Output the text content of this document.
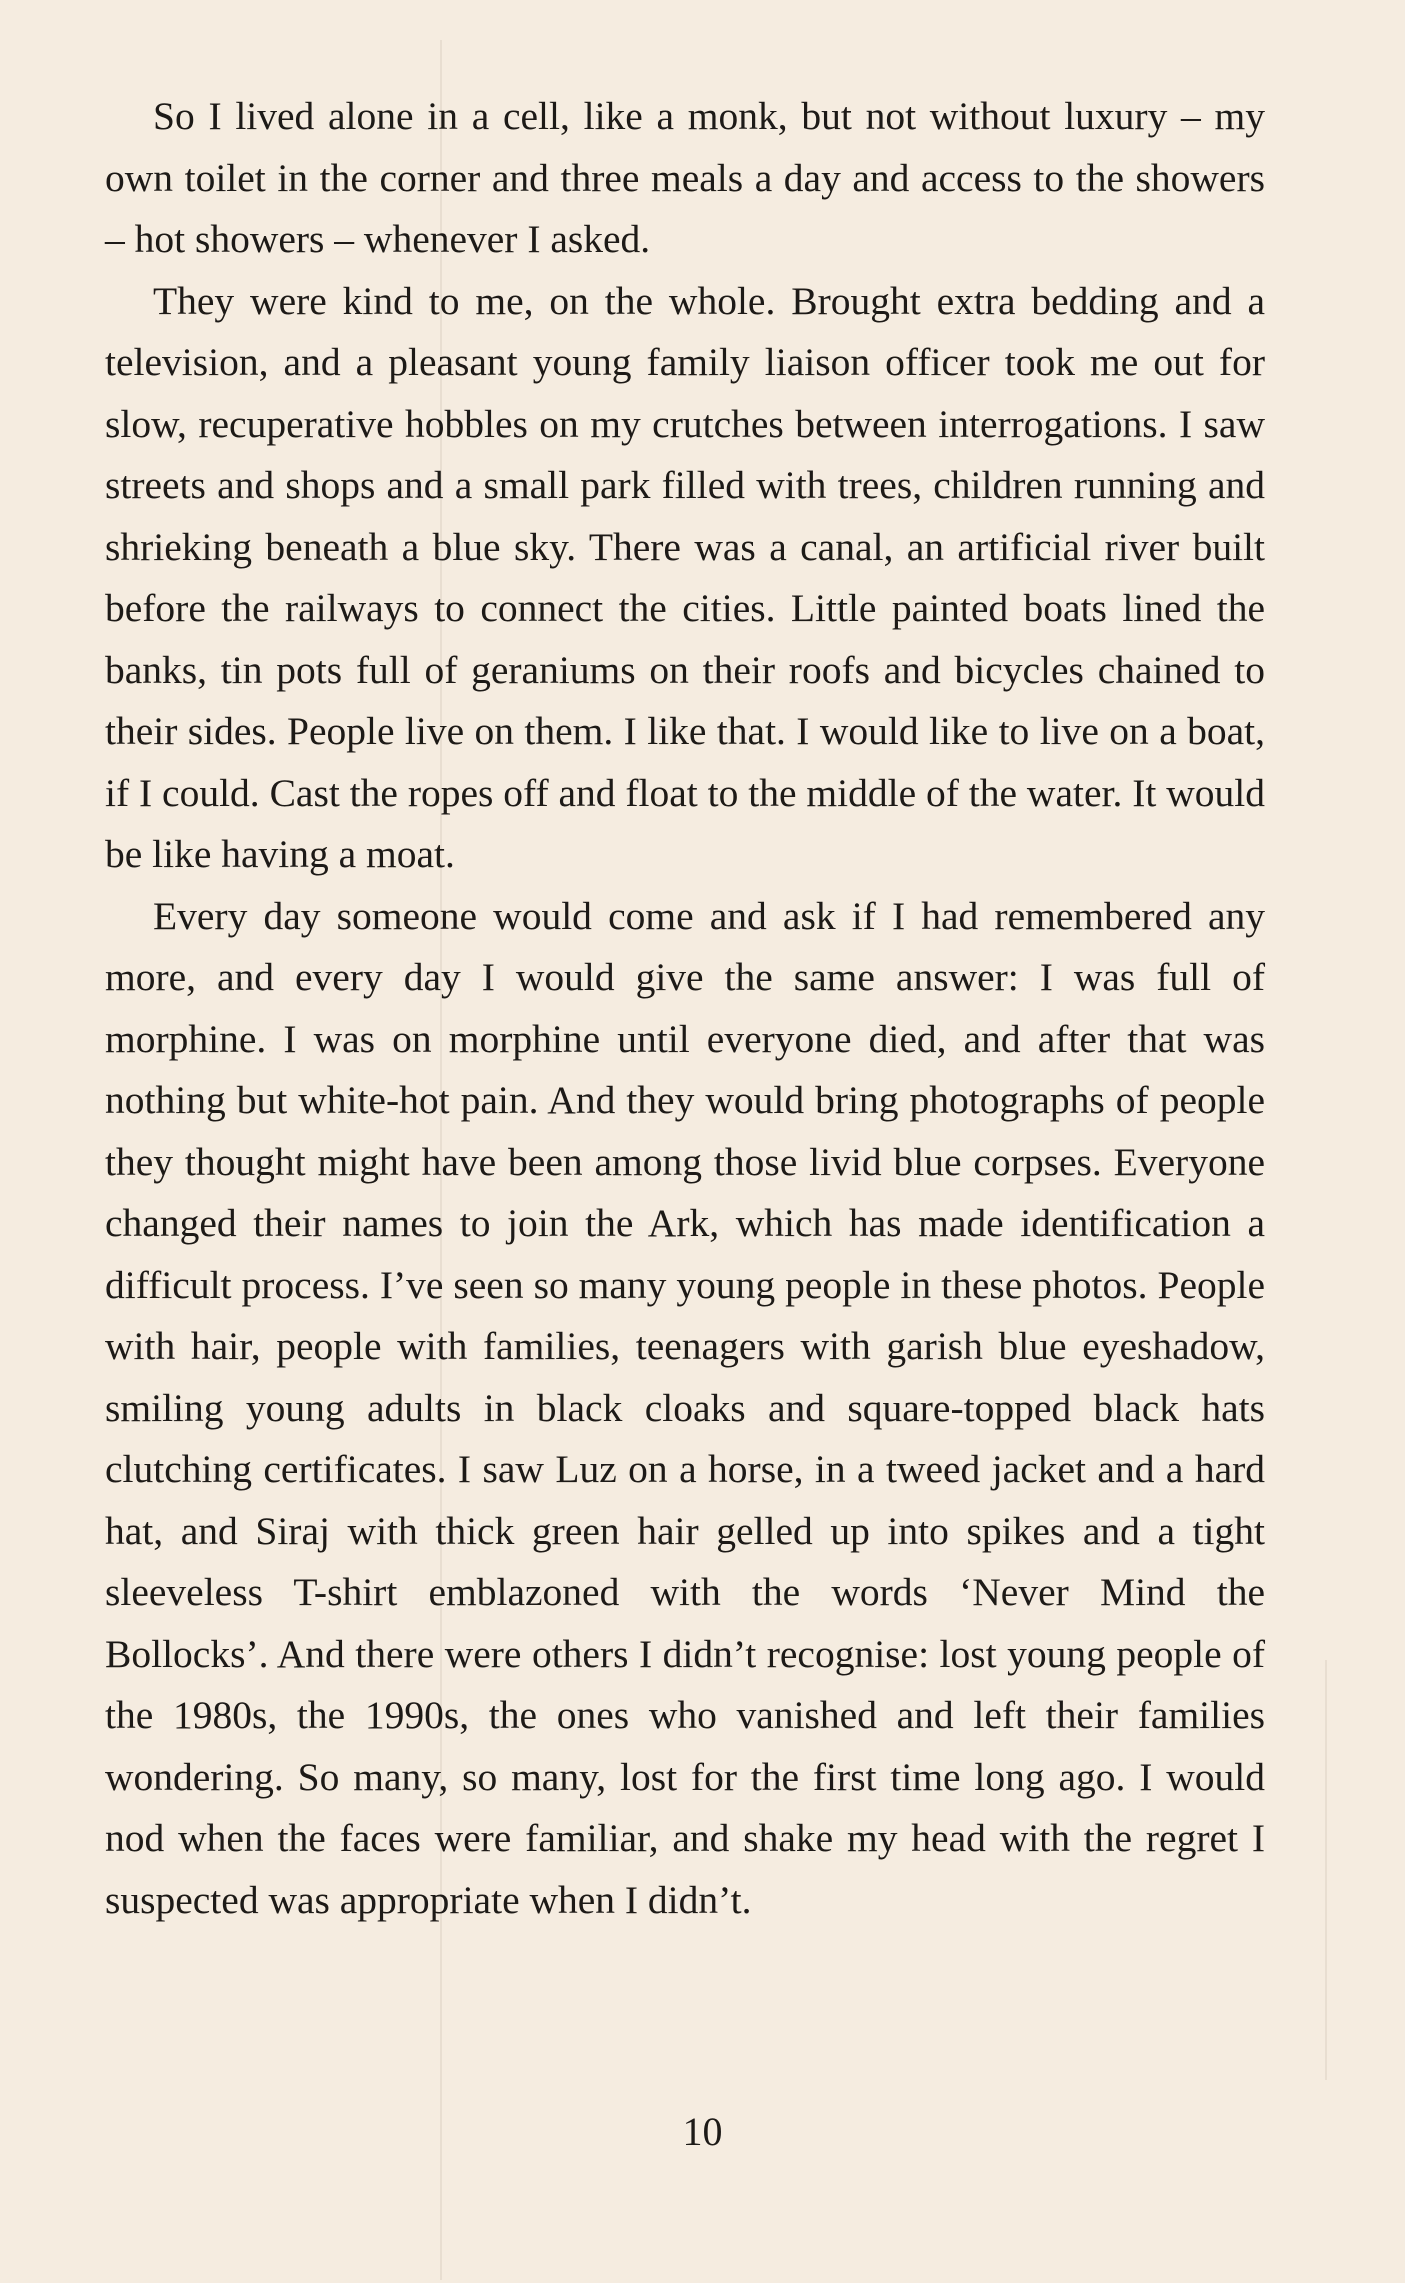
So I lived alone in a cell, like a monk, but not without luxury – my own toilet in the corner and three meals a day and access to the showers – hot showers – whenever I asked.

They were kind to me, on the whole. Brought extra bedding and a television, and a pleasant young family liaison officer took me out for slow, recuperative hobbles on my crutches between interrogations. I saw streets and shops and a small park filled with trees, children running and shrieking beneath a blue sky. There was a canal, an artificial river built before the railways to connect the cities. Little painted boats lined the banks, tin pots full of geraniums on their roofs and bicycles chained to their sides. People live on them. I like that. I would like to live on a boat, if I could. Cast the ropes off and float to the middle of the water. It would be like having a moat.

Every day someone would come and ask if I had remembered any more, and every day I would give the same answer: I was full of morphine. I was on morphine until everyone died, and after that was nothing but white-hot pain. And they would bring photographs of people they thought might have been among those livid blue corpses. Everyone changed their names to join the Ark, which has made identification a difficult process. I’ve seen so many young people in these photos. People with hair, people with families, teenagers with garish blue eyeshadow, smiling young adults in black cloaks and square-topped black hats clutching certificates. I saw Luz on a horse, in a tweed jacket and a hard hat, and Siraj with thick green hair gelled up into spikes and a tight sleeveless T-shirt emblazoned with the words ‘Never Mind the Bollocks’. And there were others I didn’t recognise: lost young people of the 1980s, the 1990s, the ones who vanished and left their families wondering. So many, so many, lost for the first time long ago. I would nod when the faces were familiar, and shake my head with the regret I suspected was appropriate when I didn’t.

10
